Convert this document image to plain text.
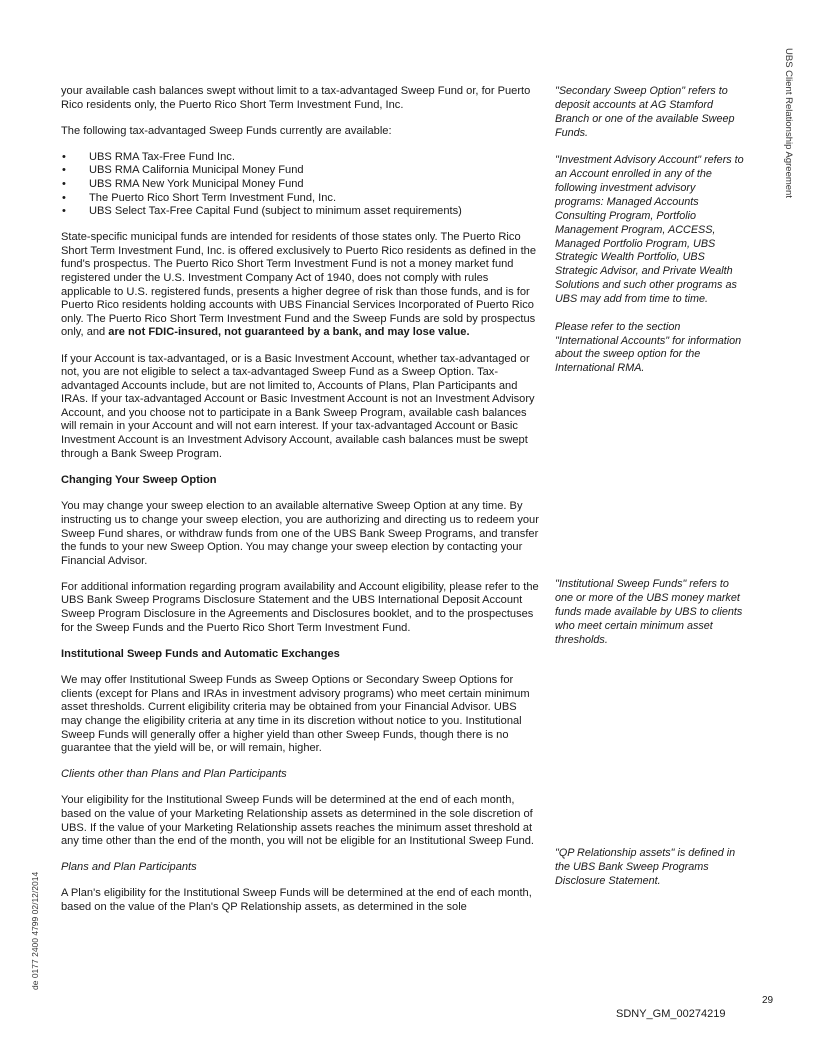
UBS Client Relationship Agreement
de 0177 2400 4799 02/12/2014

your available cash balances swept without limit to a tax-advantaged Sweep Fund or, for Puerto Rico residents only, the Puerto Rico Short Term Investment Fund, Inc.

The following tax-advantaged Sweep Funds currently are available:

• UBS RMA Tax-Free Fund Inc.
• UBS RMA California Municipal Money Fund
• UBS RMA New York Municipal Money Fund
• The Puerto Rico Short Term Investment Fund, Inc.
• UBS Select Tax-Free Capital Fund (subject to minimum asset requirements)

State-specific municipal funds are intended for residents of those states only. The Puerto Rico Short Term Investment Fund, Inc. is offered exclusively to Puerto Rico residents as defined in the fund's prospectus. The Puerto Rico Short Term Investment Fund is not a money market fund registered under the U.S. Investment Company Act of 1940, does not comply with rules applicable to U.S. registered funds, presents a higher degree of risk than those funds, and is for Puerto Rico residents holding accounts with UBS Financial Services Incorporated of Puerto Rico only. The Puerto Rico Short Term Investment Fund and the Sweep Funds are sold by prospectus only, and are not FDIC-insured, not guaranteed by a bank, and may lose value.

If your Account is tax-advantaged, or is a Basic Investment Account, whether tax-advantaged or not, you are not eligible to select a tax-advantaged Sweep Fund as a Sweep Option. Tax-advantaged Accounts include, but are not limited to, Accounts of Plans, Plan Participants and IRAs. If your tax-advantaged Account or Basic Investment Account is not an Investment Advisory Account, and you choose not to participate in a Bank Sweep Program, available cash balances will remain in your Account and will not earn interest. If your tax-advantaged Account or Basic Investment Account is an Investment Advisory Account, available cash balances must be swept through a Bank Sweep Program.

Changing Your Sweep Option

You may change your sweep election to an available alternative Sweep Option at any time. By instructing us to change your sweep election, you are authorizing and directing us to redeem your Sweep Fund shares, or withdraw funds from one of the UBS Bank Sweep Programs, and transfer the funds to your new Sweep Option. You may change your sweep election by contacting your Financial Advisor.

For additional information regarding program availability and Account eligibility, please refer to the UBS Bank Sweep Programs Disclosure Statement and the UBS International Deposit Account Sweep Program Disclosure in the Agreements and Disclosures booklet, and to the prospectuses for the Sweep Funds and the Puerto Rico Short Term Investment Fund.

Institutional Sweep Funds and Automatic Exchanges

We may offer Institutional Sweep Funds as Sweep Options or Secondary Sweep Options for clients (except for Plans and IRAs in investment advisory programs) who meet certain minimum asset thresholds. Current eligibility criteria may be obtained from your Financial Advisor. UBS may change the eligibility criteria at any time in its discretion without notice to you. Institutional Sweep Funds will generally offer a higher yield than other Sweep Funds, though there is no guarantee that the yield will be, or will remain, higher.

Clients other than Plans and Plan Participants

Your eligibility for the Institutional Sweep Funds will be determined at the end of each month, based on the value of your Marketing Relationship assets as determined in the sole discretion of UBS. If the value of your Marketing Relationship assets reaches the minimum asset threshold at any time other than the end of the month, you will not be eligible for an Institutional Sweep Fund.

Plans and Plan Participants

A Plan's eligibility for the Institutional Sweep Funds will be determined at the end of each month, based on the value of the Plan's QP Relationship assets, as determined in the sole

"Secondary Sweep Option" refers to deposit accounts at AG Stamford Branch or one of the available Sweep Funds.

"Investment Advisory Account" refers to an Account enrolled in any of the following investment advisory programs: Managed Accounts Consulting Program, Portfolio Management Program, ACCESS, Managed Portfolio Program, UBS Strategic Wealth Portfolio, UBS Strategic Advisor, and Private Wealth Solutions and such other programs as UBS may add from time to time.

Please refer to the section "International Accounts" for information about the sweep option for the International RMA.

"Institutional Sweep Funds" refers to one or more of the UBS money market funds made available by UBS to clients who meet certain minimum asset thresholds.
"QP Relationship assets" is defined in the UBS Bank Sweep Programs Disclosure Statement.
29
SDNY_GM_00274219
